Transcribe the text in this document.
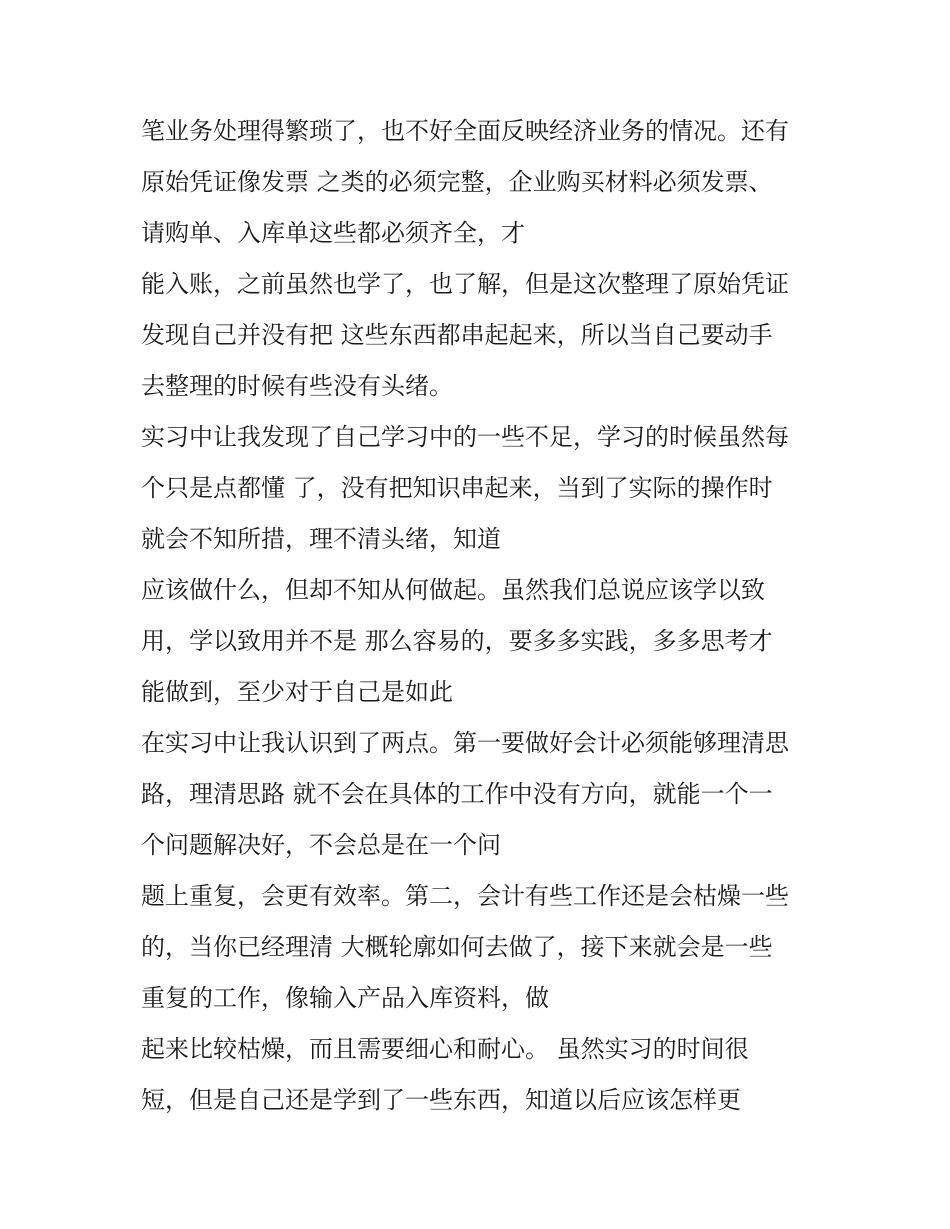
笔业务处理得繁琐了，也不好全面反映经济业务的情况。还有
原始凭证像发票 之类的必须完整，企业购买材料必须发票、
请购单、入库单这些都必须齐全，才
能入账，之前虽然也学了，也了解，但是这次整理了原始凭证
发现自己并没有把 这些东西都串起起来，所以当自己要动手
去整理的时候有些没有头绪。
实习中让我发现了自己学习中的一些不足，学习的时候虽然每
个只是点都懂 了，没有把知识串起来，当到了实际的操作时
就会不知所措，理不清头绪，知道
应该做什么，但却不知从何做起。虽然我们总说应该学以致
用，学以致用并不是 那么容易的，要多多实践，多多思考才
能做到，至少对于自己是如此
在实习中让我认识到了两点。第一要做好会计必须能够理清思
路，理清思路 就不会在具体的工作中没有方向，就能一个一
个问题解决好，不会总是在一个问
题上重复，会更有效率。第二，会计有些工作还是会枯燥一些
的，当你已经理清 大概轮廓如何去做了，接下来就会是一些
重复的工作，像输入产品入库资料，做
起来比较枯燥，而且需要细心和耐心。 虽然实习的时间很
短，但是自己还是学到了一些东西，知道以后应该怎样更
